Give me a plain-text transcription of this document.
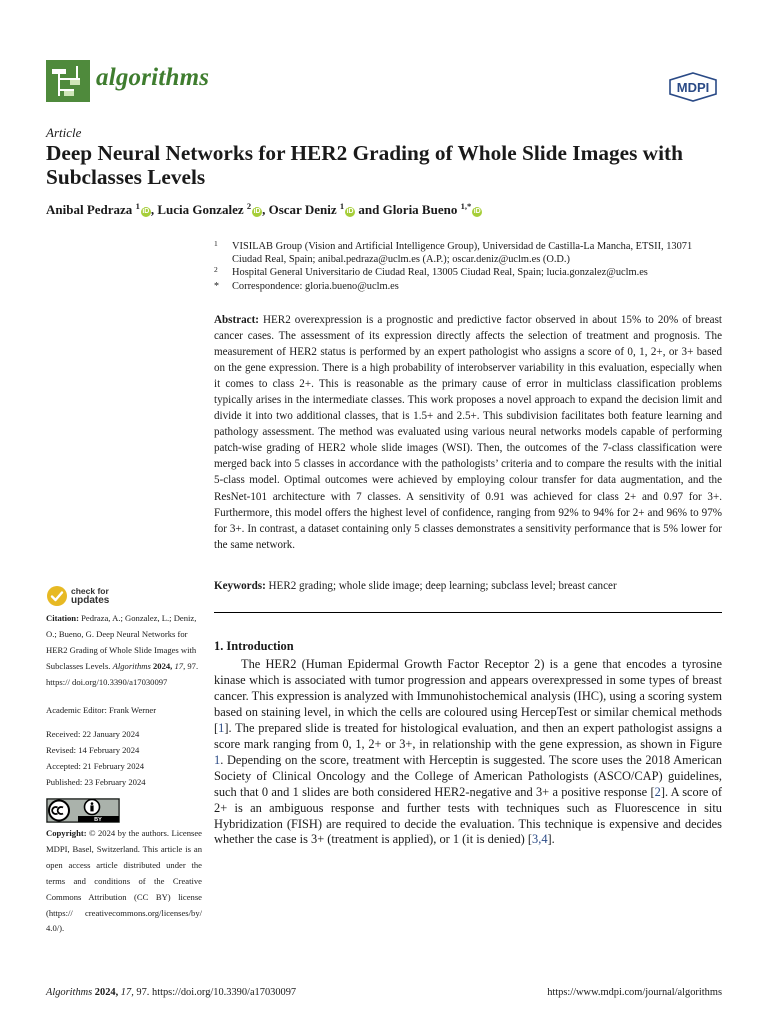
algorithms	MDPI
Article
Deep Neural Networks for HER2 Grading of Whole Slide Images with Subclasses Levels
Anibal Pedraza $^1$iD , Lucia Gonzalez $^2$iD , Oscar Deniz $^1$iD and Gloria Bueno $^{1,*}$iD
1 VISILAB Group (Vision and Artificial Intelligence Group), Universidad de Castilla-La Mancha, ETSII, 13071 Ciudad Real, Spain; anibal.pedraza@uclm.es (A.P.); oscar.deniz@uclm.es (O.D.)
2 Hospital General Universitario de Ciudad Real, 13005 Ciudad Real, Spain; lucia.gonzalez@uclm.es
* Correspondence: gloria.bueno@uclm.es

Abstract: HER2 overexpression is a prognostic and predictive factor observed in about 15% to 20% of breast cancer cases. The assessment of its expression directly affects the selection of treatment and prognosis. The measurement of HER2 status is performed by an expert pathologist who assigns a score of 0, 1, 2+, or 3+ based on the gene expression. There is a high probability of interobserver variability in this evaluation, especially when it comes to class 2+. This is reasonable as the primary cause of error in multiclass classification problems typically arises in the intermediate classes. This work proposes a novel approach to expand the decision limit and divide it into two additional classes, that is 1.5+ and 2.5+. This subdivision facilitates both feature learning and pathology assessment. The method was evaluated using various neural networks models capable of performing patch-wise grading of HER2 whole slide images (WSI). Then, the outcomes of the 7-class classification were merged back into 5 classes in accordance with the pathologists’ criteria and to compare the results with the initial 5-class model. Optimal outcomes were achieved by employing colour transfer for data augmentation, and the ResNet-101 architecture with 7 classes. A sensitivity of 0.91 was achieved for class 2+ and 0.97 for 3+. Furthermore, this model offers the highest level of confidence, ranging from 92% to 94% for 2+ and 96% to 97% for 3+. In contrast, a dataset containing only 5 classes demonstrates a sensitivity performance that is 5% lower for the same network.

Keywords: HER2 grading; whole slide image; deep learning; subclass level; breast cancer

1. Introduction

The HER2 (Human Epidermal Growth Factor Receptor 2) is a gene that encodes a tyrosine kinase which is associated with tumor progression and appears overexpressed in some types of breast cancer. This expression is analyzed with Immunohistochemical analysis (IHC), using a scoring system based on staining level, in which the cells are coloured using HercepTest or similar chemical methods [1]. The prepared slide is treated for histological evaluation, and then an expert pathologist assigns a score mark ranging from 0, 1, 2+ or 3+, in relationship with the gene expression, as shown in Figure 1. Depending on the score, treatment with Herceptin is suggested. The score uses the 2018 American Society of Clinical Oncology and the College of American Pathologists (ASCO/CAP) guidelines, such that 0 and 1 slides are both considered HER2-negative and 3+ a positive response [2]. A score of 2+ is an ambiguous response and further tests with techniques such as Fluorescence in situ Hybridization (FISH) are required to decide the evaluation. This technique is expensive and decides whether the case is 3+ (treatment is applied), or 1 (it is denied) [3,4].

check for
updates

Citation: Pedraza, A.; Gonzalez, L.; Deniz, O.; Bueno, G. Deep Neural Networks for HER2 Grading of Whole Slide Images with Subclasses Levels. Algorithms 2024, 17, 97. https:// doi.org/10.3390/a17030097

Academic Editor: Frank Werner

Received: 22 January 2024
Revised: 14 February 2024
Accepted: 21 February 2024
Published: 23 February 2024
BY

Copyright: © 2024 by the authors. Licensee MDPI, Basel, Switzerland. This article is an open access article distributed under the terms and conditions of the Creative Commons Attribution (CC BY) license (https:// creativecommons.org/licenses/by/ 4.0/).

Algorithms 2024, 17, 97. https://doi.org/10.3390/a17030097	https://www.mdpi.com/journal/algorithms
